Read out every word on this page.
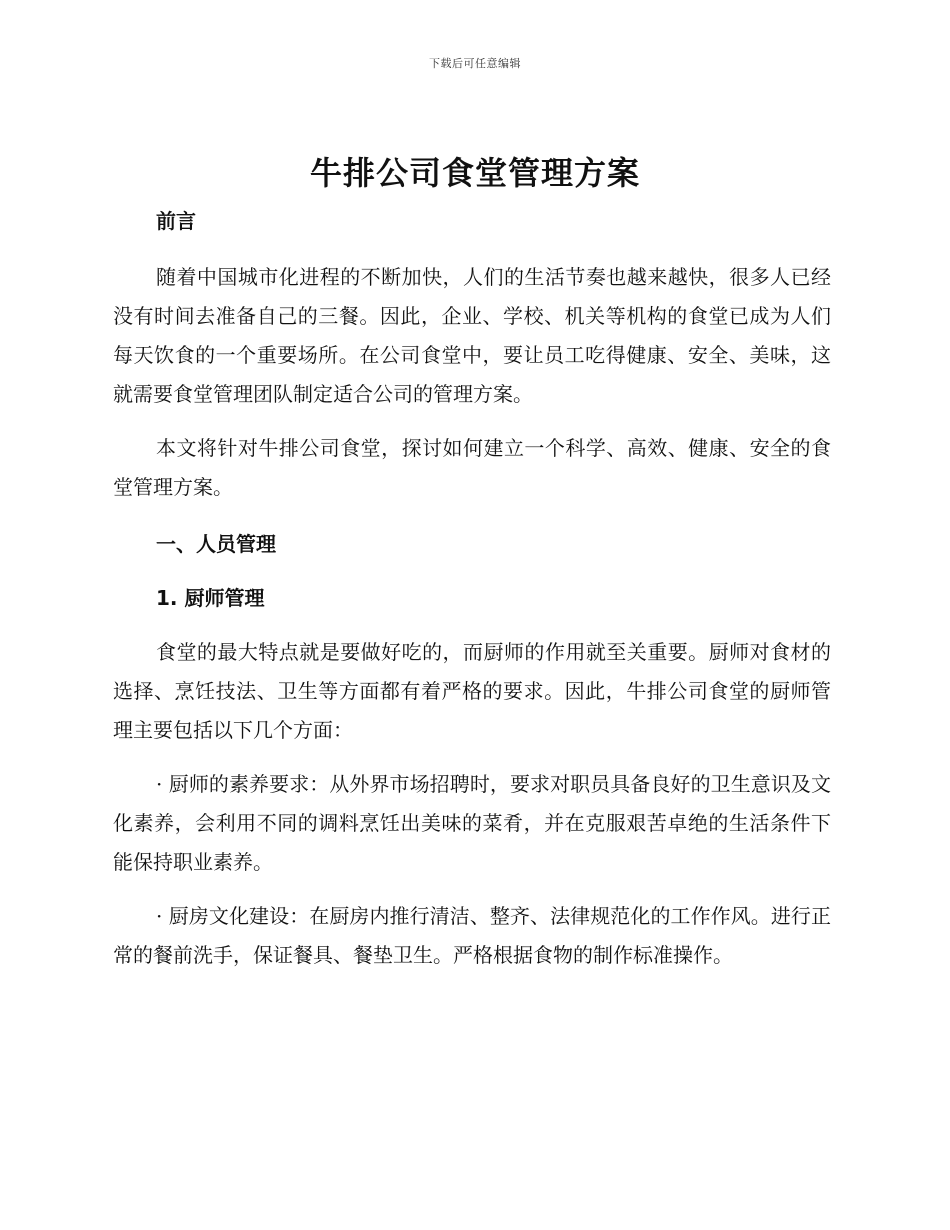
下载后可任意编辑
牛排公司食堂管理方案
前言

随着中国城市化进程的不断加快，人们的生活节奏也越来越快，很多人已经没有时间去准备自己的三餐。因此，企业、学校、机关等机构的食堂已成为人们每天饮食的一个重要场所。在公司食堂中，要让员工吃得健康、安全、美味，这就需要食堂管理团队制定适合公司的管理方案。

本文将针对牛排公司食堂，探讨如何建立一个科学、高效、健康、安全的食堂管理方案。

一、人员管理
1. 厨师管理

食堂的最大特点就是要做好吃的，而厨师的作用就至关重要。厨师对食材的选择、烹饪技法、卫生等方面都有着严格的要求。因此，牛排公司食堂的厨师管理主要包括以下几个方面：

· 厨师的素养要求：从外界市场招聘时，要求对职员具备良好的卫生意识及文化素养，会利用不同的调料烹饪出美味的菜肴，并在克服艰苦卓绝的生活条件下能保持职业素养。

· 厨房文化建设：在厨房内推行清洁、整齐、法律规范化的工作作风。进行正常的餐前洗手，保证餐具、餐垫卫生。严格根据食物的制作标准操作。
